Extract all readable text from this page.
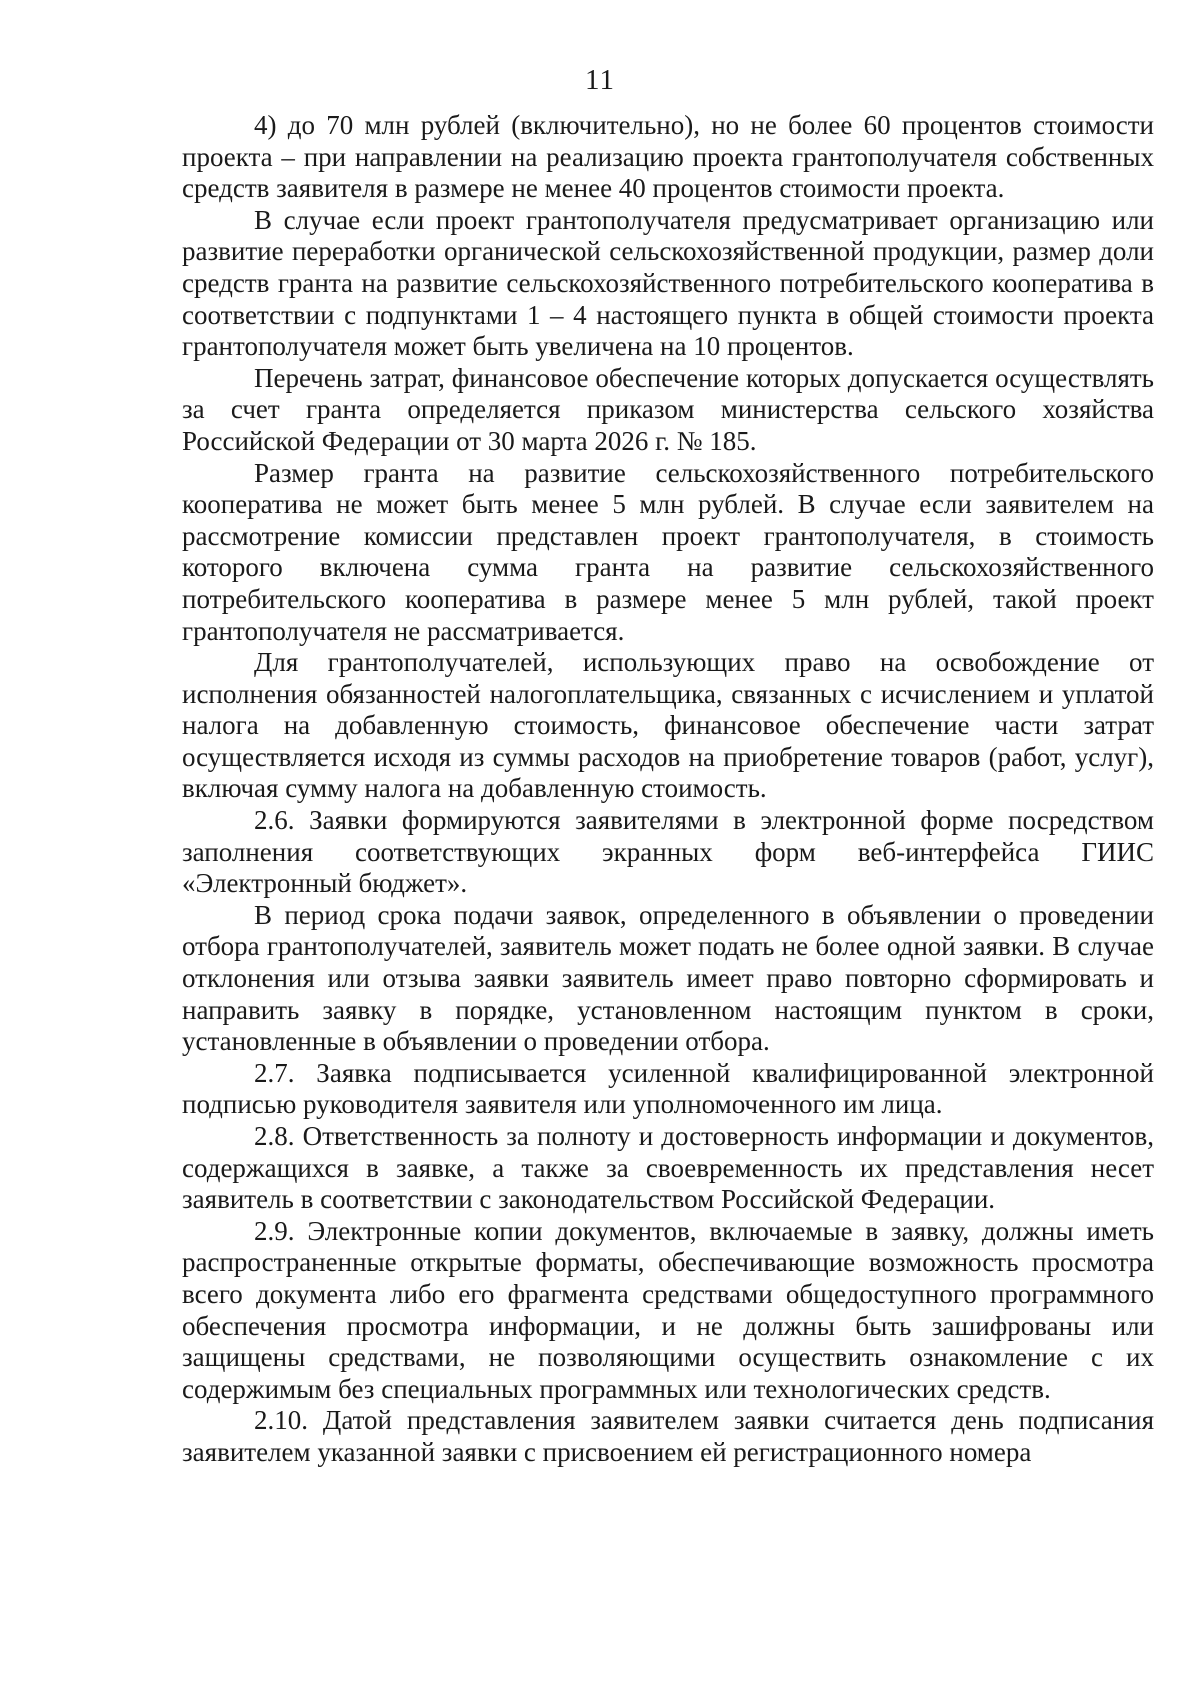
11

4) до 70 млн рублей (включительно), но не более 60 процентов стоимости проекта – при направлении на реализацию проекта грантополучателя собственных средств заявителя в размере не менее 40 процентов стоимости проекта.

В случае если проект грантополучателя предусматривает организацию или развитие переработки органической сельскохозяйственной продукции, размер доли средств гранта на развитие сельскохозяйственного потребительского кооператива в соответствии с подпунктами 1 – 4 настоящего пункта в общей стоимости проекта грантополучателя может быть увеличена на 10 процентов.

Перечень затрат, финансовое обеспечение которых допускается осуществлять за счет гранта определяется приказом министерства сельского хозяйства Российской Федерации от 30 марта 2026 г. № 185.

Размер гранта на развитие сельскохозяйственного потребительского кооператива не может быть менее 5 млн рублей. В случае если заявителем на рассмотрение комиссии представлен проект грантополучателя, в стоимость которого включена сумма гранта на развитие сельскохозяйственного потребительского кооператива в размере менее 5 млн рублей, такой проект грантополучателя не рассматривается.

Для грантополучателей, использующих право на освобождение от исполнения обязанностей налогоплательщика, связанных с исчислением и уплатой налога на добавленную стоимость, финансовое обеспечение части затрат осуществляется исходя из суммы расходов на приобретение товаров (работ, услуг), включая сумму налога на добавленную стоимость.

2.6. Заявки формируются заявителями в электронной форме посредством заполнения соответствующих экранных форм веб-интерфейса ГИИС «Электронный бюджет».

В период срока подачи заявок, определенного в объявлении о проведении отбора грантополучателей, заявитель может подать не более одной заявки. В случае отклонения или отзыва заявки заявитель имеет право повторно сформировать и направить заявку в порядке, установленном настоящим пунктом в сроки, установленные в объявлении о проведении отбора.

2.7. Заявка подписывается усиленной квалифицированной электронной подписью руководителя заявителя или уполномоченного им лица.

2.8. Ответственность за полноту и достоверность информации и документов, содержащихся в заявке, а также за своевременность их представления несет заявитель в соответствии с законодательством Российской Федерации.

2.9. Электронные копии документов, включаемые в заявку, должны иметь распространенные открытые форматы, обеспечивающие возможность просмотра всего документа либо его фрагмента средствами общедоступного программного обеспечения просмотра информации, и не должны быть зашифрованы или защищены средствами, не позволяющими осуществить ознакомление с их содержимым без специальных программных или технологических средств.

2.10. Датой представления заявителем заявки считается день подписания заявителем указанной заявки с присвоением ей регистрационного номера
